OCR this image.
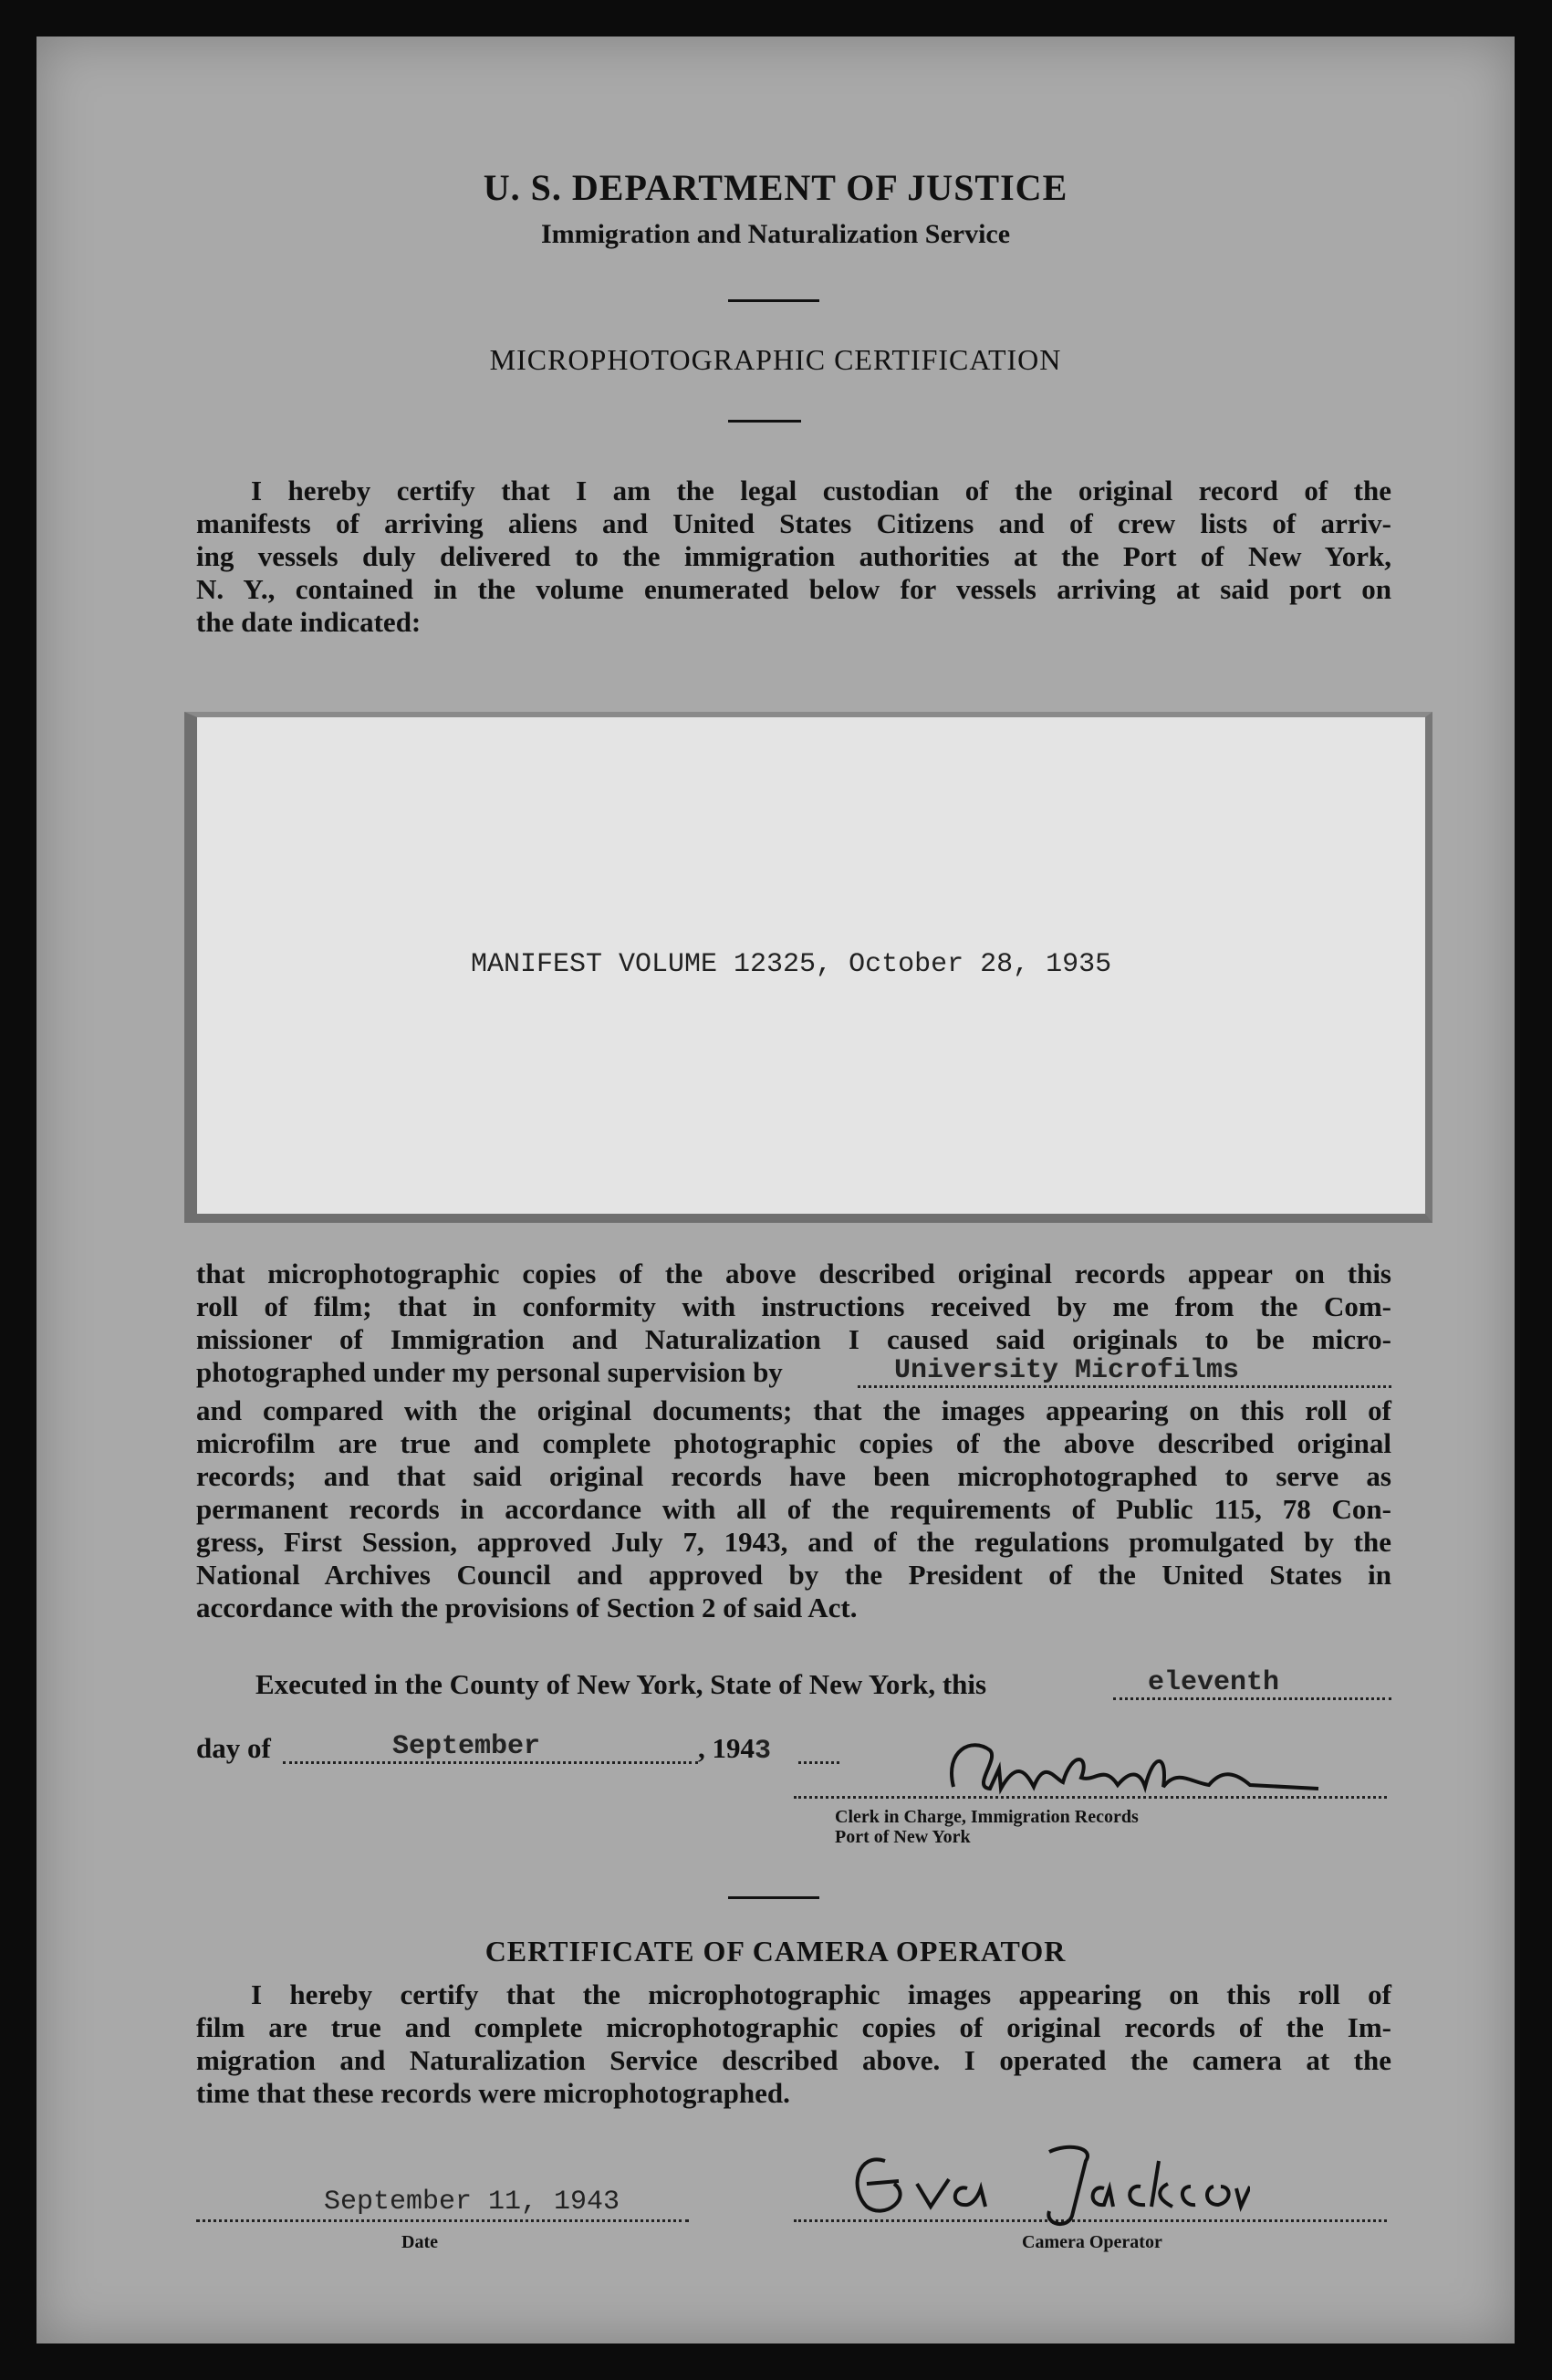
U. S. DEPARTMENT OF JUSTICE
Immigration and Naturalization Service
MICROPHOTOGRAPHIC CERTIFICATION
I hereby certify that I am the legal custodian of the original record of the
manifests of arriving aliens and United States Citizens and of crew lists of arriv-
ing vessels duly delivered to the immigration authorities at the Port of New York,
N. Y., contained in the volume enumerated below for vessels arriving at said port on
the date indicated:
MANIFEST VOLUME 12325, October 28, 1935
that microphotographic copies of the above described original records appear on this
roll of film; that in conformity with instructions received by me from the Com-
missioner of Immigration and Naturalization I caused said originals to be micro-
photographed under my personal supervision by	University Microfilms
and compared with the original documents; that the images appearing on this roll of
microfilm are true and complete photographic copies of the above described original
records; and that said original records have been microphotographed to serve as
permanent records in accordance with all of the requirements of Public 115, 78 Con-
gress, First Session, approved July 7, 1943, and of the regulations promulgated by the
National Archives Council and approved by the President of the United States in
accordance with the provisions of Section 2 of said Act.
Executed in the County of New York, State of New York, this	eleventh
day of	September	, 1943
Clerk in Charge, Immigration Records
Port of New York
CERTIFICATE OF CAMERA OPERATOR
I hereby certify that the microphotographic images appearing on this roll of
film are true and complete microphotographic copies of original records of the Im-
migration and Naturalization Service described above. I operated the camera at the
time that these records were microphotographed.
September 11, 1943
Date	Camera Operator
